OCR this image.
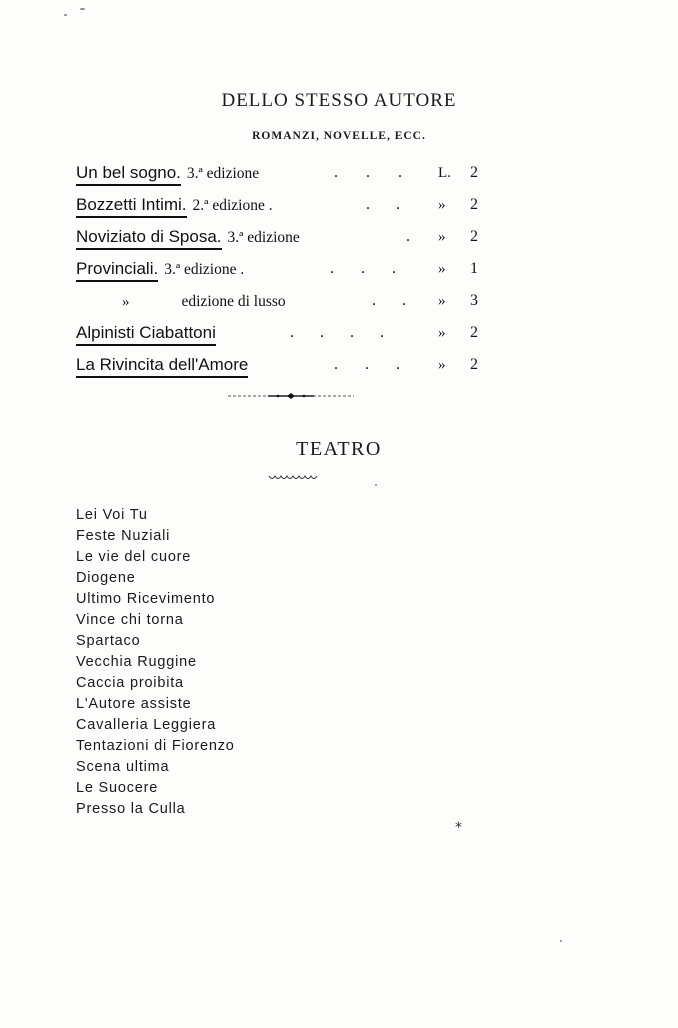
DELLO STESSO AUTORE
ROMANZI, NOVELLE, ECC.
Un bel sogno. 3.ª edizione	... L. 2
Bozzetti Intimi. 2.ª edizione .	.. » 2
Noviziato di Sposa. 3.ª edizione	. » 2
Provinciali. 3.ª edizione .	... » 1
»	edizione di lusso	.. » 3
Alpinisti Ciabattoni	.... » 2
La Rivincita dell'Amore	... » 2
TEATRO
Lei Voi Tu
Feste Nuziali
Le vie del cuore
Diogene
Ultimo Ricevimento
Vince chi torna
Spartaco
Vecchia Ruggine
Caccia proibita
L'Autore assiste
Cavalleria Leggiera
Tentazioni di Fiorenzo
Scena ultima
Le Suocere
Presso la Culla
*
